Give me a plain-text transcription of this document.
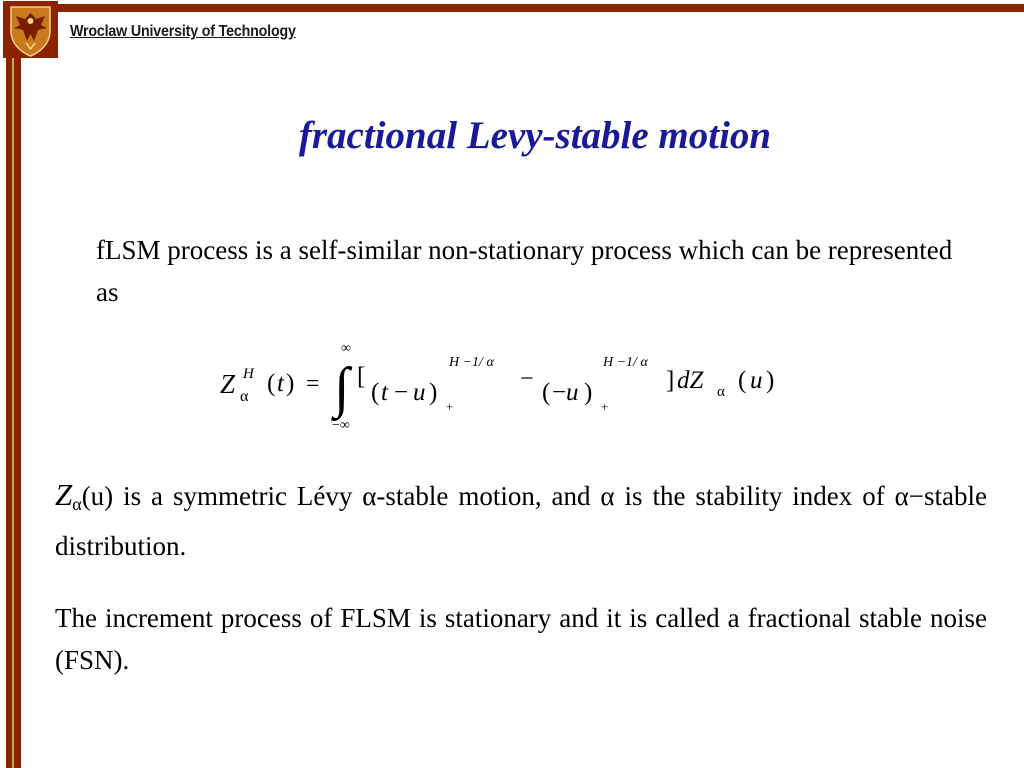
Wroclaw University of Technology
fractional Levy-stable motion
fLSM process is a self-similar non-stationary process which can be represented as
Z H
α ( t ) =
∞
∫
−∞
[
( t − u )
+
H −1/ α
− ( − u )
+
H −1/ α
] dZ α ( u )
Zα(u) is a symmetric Lévy α-stable motion, and α is the stability index of α−stable distribution.
The increment process of FLSM is stationary and it is called a fractional stable noise (FSN).
